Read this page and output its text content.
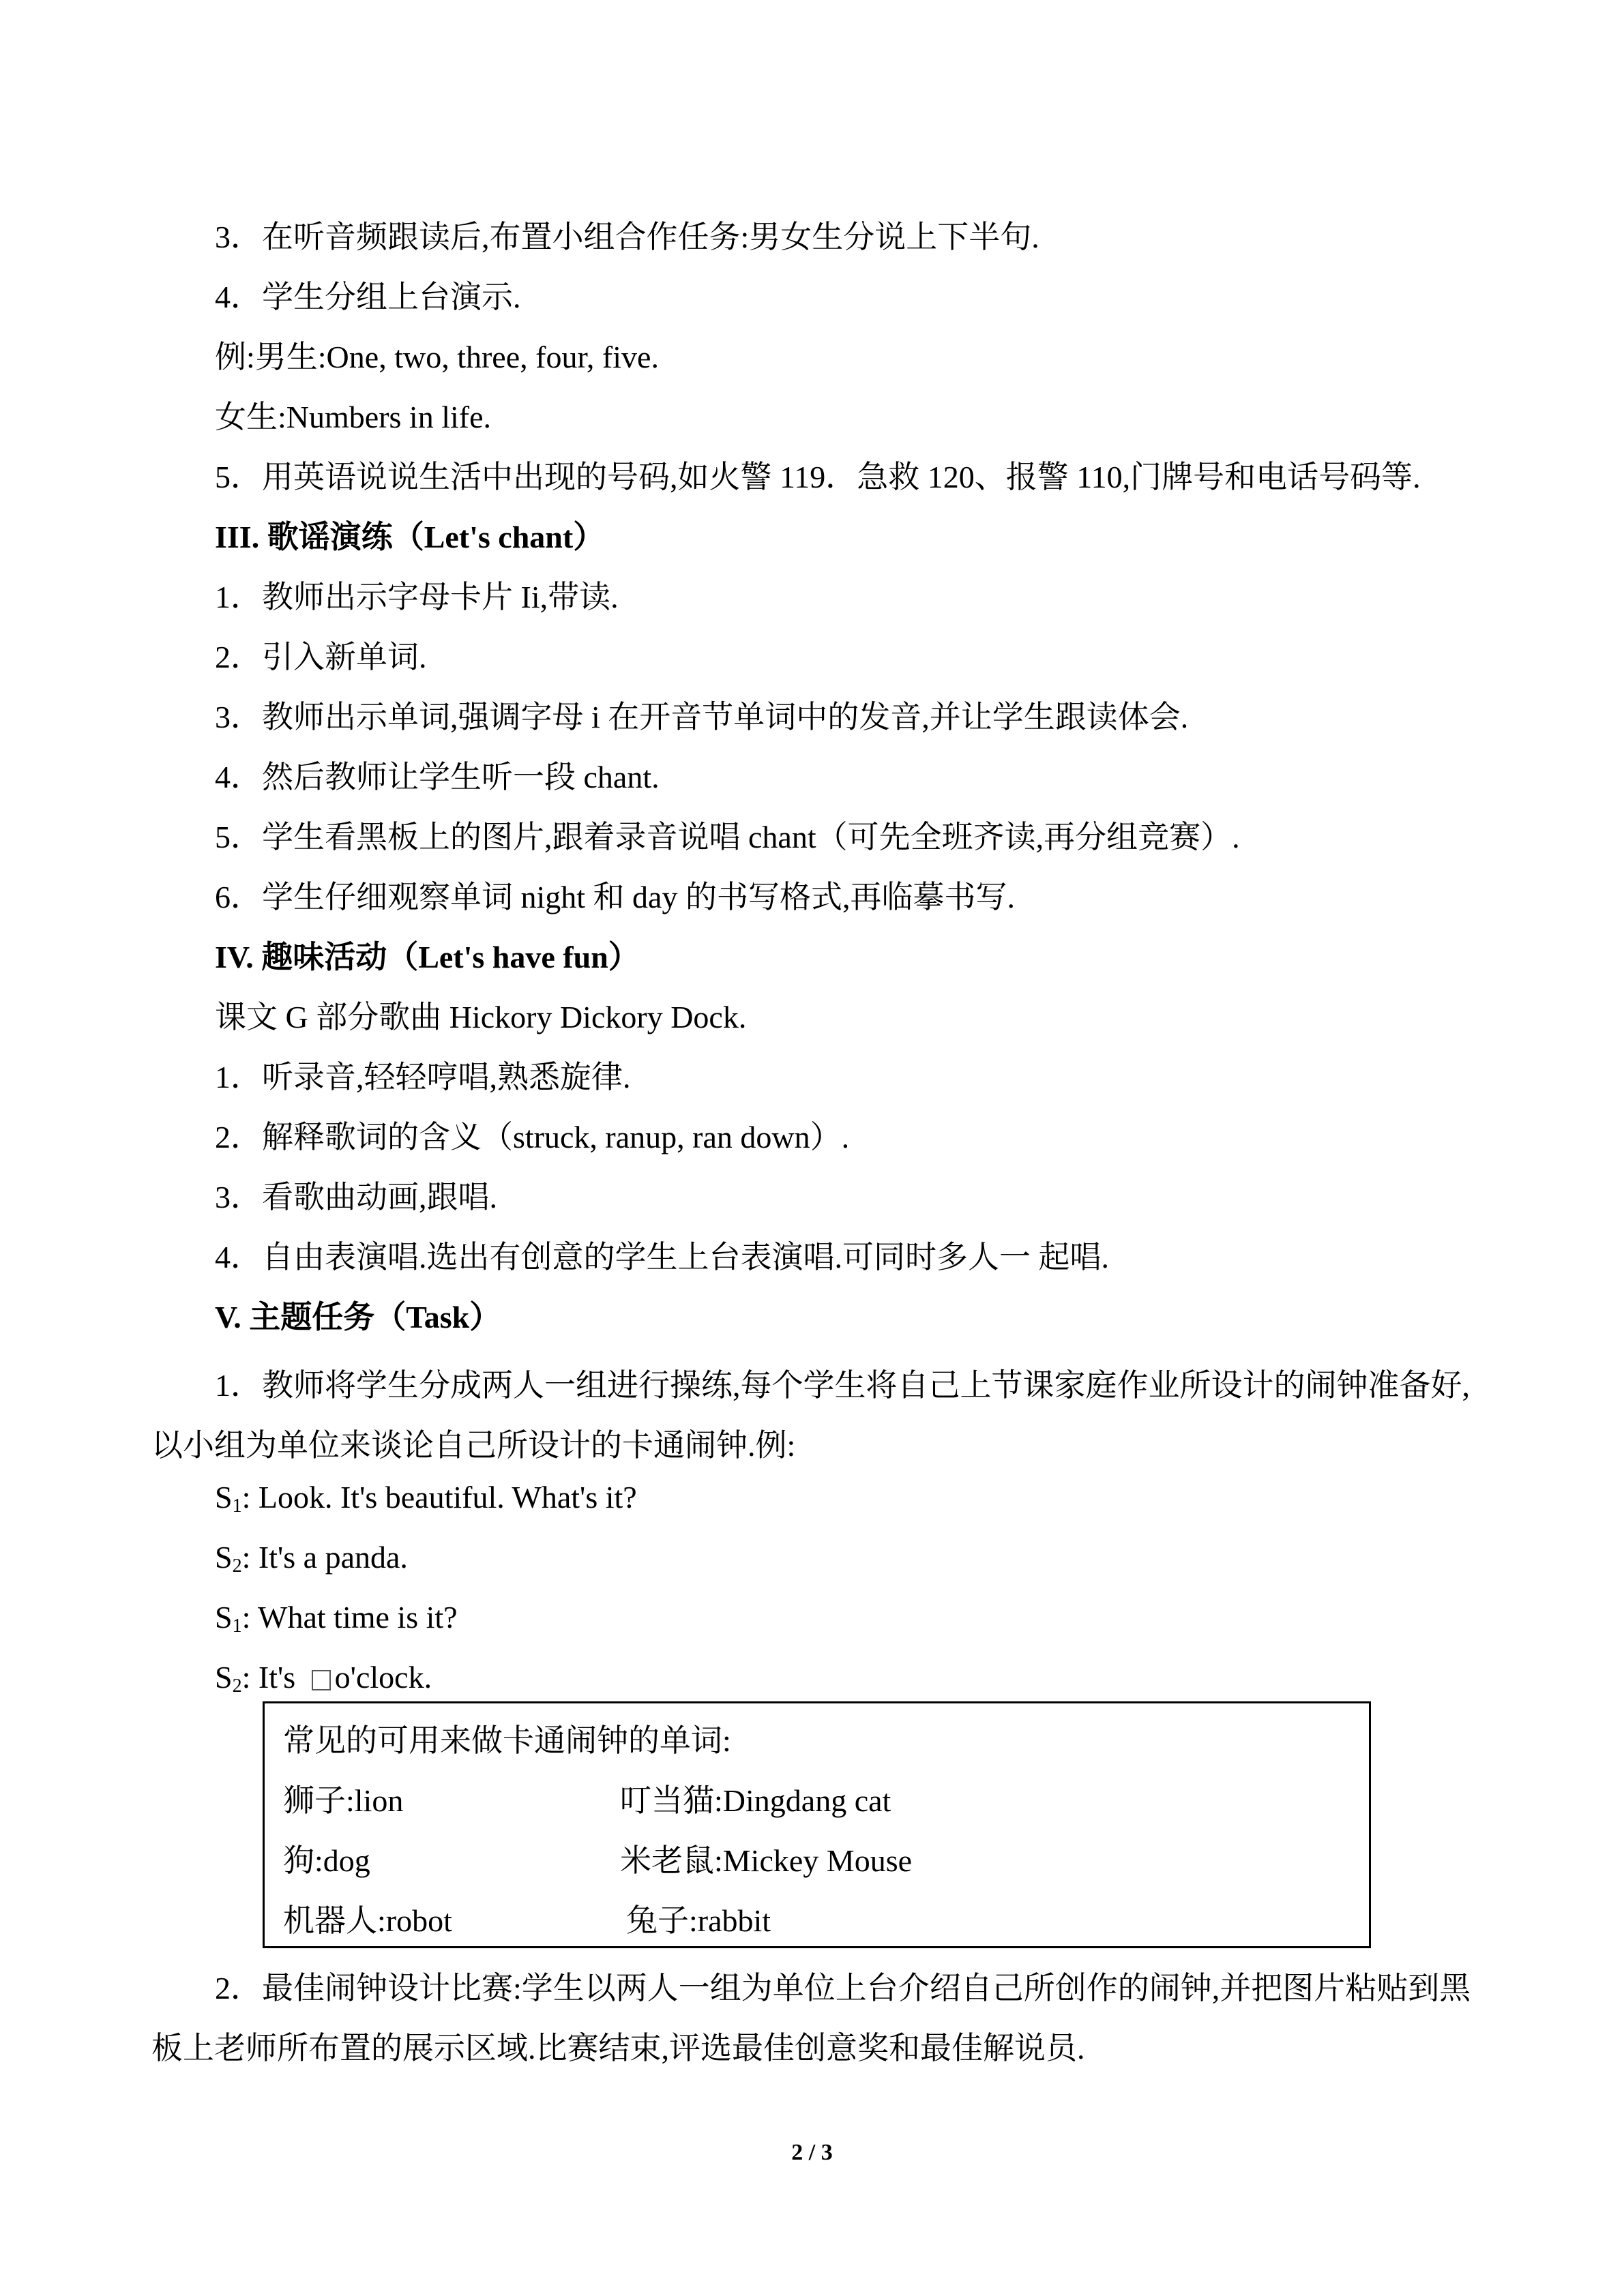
3．在听音频跟读后,布置小组合作任务:男女生分说上下半句.
4．学生分组上台演示.
例:男生:One, two, three, four, five.
女生:Numbers in life.
5．用英语说说生活中出现的号码,如火警 119．急救 120、报警 110,门牌号和电话号码等.
III. 歌谣演练（Let's chant）
1．教师出示字母卡片 Ii,带读.
2．引入新单词.
3．教师出示单词,强调字母 i 在开音节单词中的发音,并让学生跟读体会.
4．然后教师让学生听一段 chant.
5．学生看黑板上的图片,跟着录音说唱 chant（可先全班齐读,再分组竞赛）.
6．学生仔细观察单词 night 和 day 的书写格式,再临摹书写.
IV. 趣味活动（Let's have fun）
课文 G 部分歌曲 Hickory Dickory Dock.
1．听录音,轻轻哼唱,熟悉旋律.
2．解释歌词的含义（struck, ranup, ran down）.
3．看歌曲动画,跟唱.
4．自由表演唱.选出有创意的学生上台表演唱.可同时多人一 起唱.
V. 主题任务（Task）
1．教师将学生分成两人一组进行操练,每个学生将自己上节课家庭作业所设计的闹钟准备好,以小组为单位来谈论自己所设计的卡通闹钟.例:
$S_1$: Look. It's beautiful. What's it?
$S_2$: It's a panda.
$S_1$: What time is it?
$S_2$: It's o'clock.
常见的可用来做卡通闹钟的单词:
狮子:lion	叮当猫:Dingdang cat
狗:dog	米老鼠:Mickey Mouse
机器人:robot	兔子:rabbit
2．最佳闹钟设计比赛:学生以两人一组为单位上台介绍自己所创作的闹钟,并把图片粘贴到黑板上老师所布置的展示区域.比赛结束,评选最佳创意奖和最佳解说员.
2 / 3
